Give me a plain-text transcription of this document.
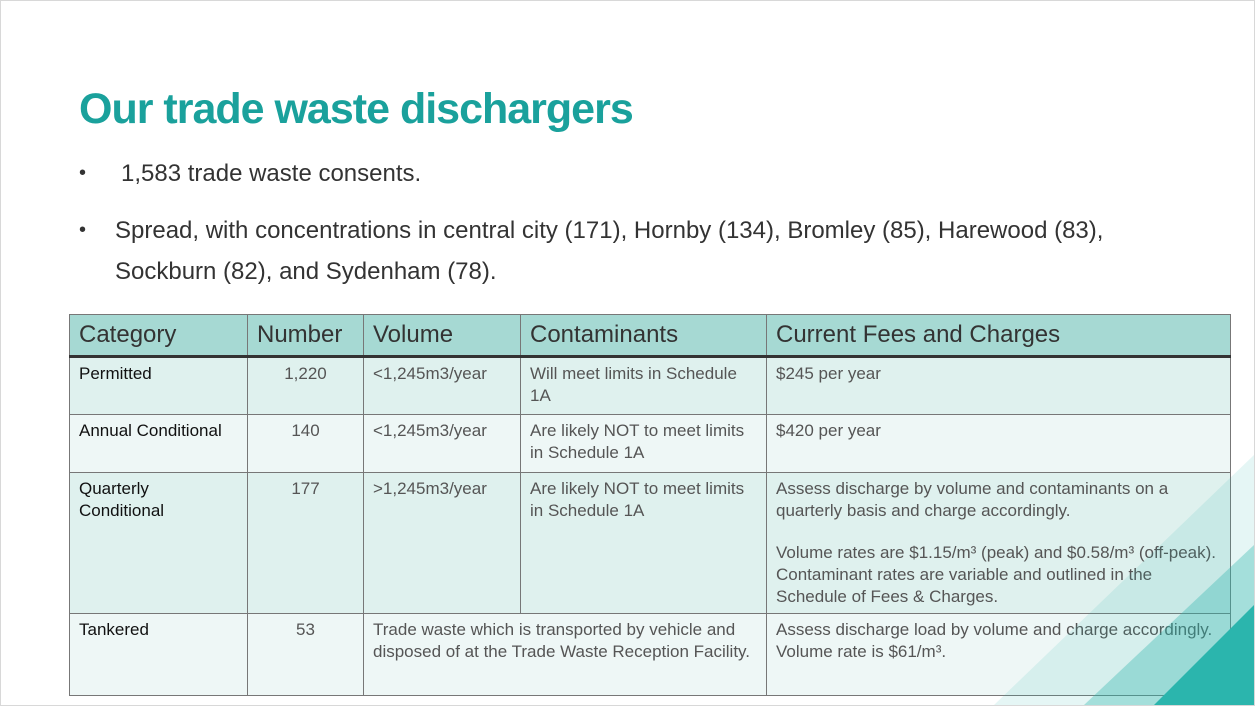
Our trade waste dischargers
• 1,583 trade waste consents.
• Spread, with concentrations in central city (171), Hornby (134), Bromley (85), Harewood (83), Sockburn (82), and Sydenham (78).
Category	Number	Volume	Contaminants	Current Fees and Charges
Permitted	1,220	<1,245m3/year	Will meet limits in Schedule 1A	$245 per year
Annual Conditional	140	<1,245m3/year	Are likely NOT to meet limits in Schedule 1A	$420 per year
Quarterly Conditional	177	>1,245m3/year	Are likely NOT to meet limits in Schedule 1A	Assess discharge by volume and contaminants on a quarterly basis and charge accordingly.
Volume rates are $1.15/m³ (peak) and $0.58/m³ (off-peak). Contaminant rates are variable and outlined in the Schedule of Fees & Charges.

Tankered	53	Trade waste which is transported by vehicle and disposed of at the Trade Waste Reception Facility.		Assess discharge load by volume and charge accordingly. Volume rate is $61/m³.
